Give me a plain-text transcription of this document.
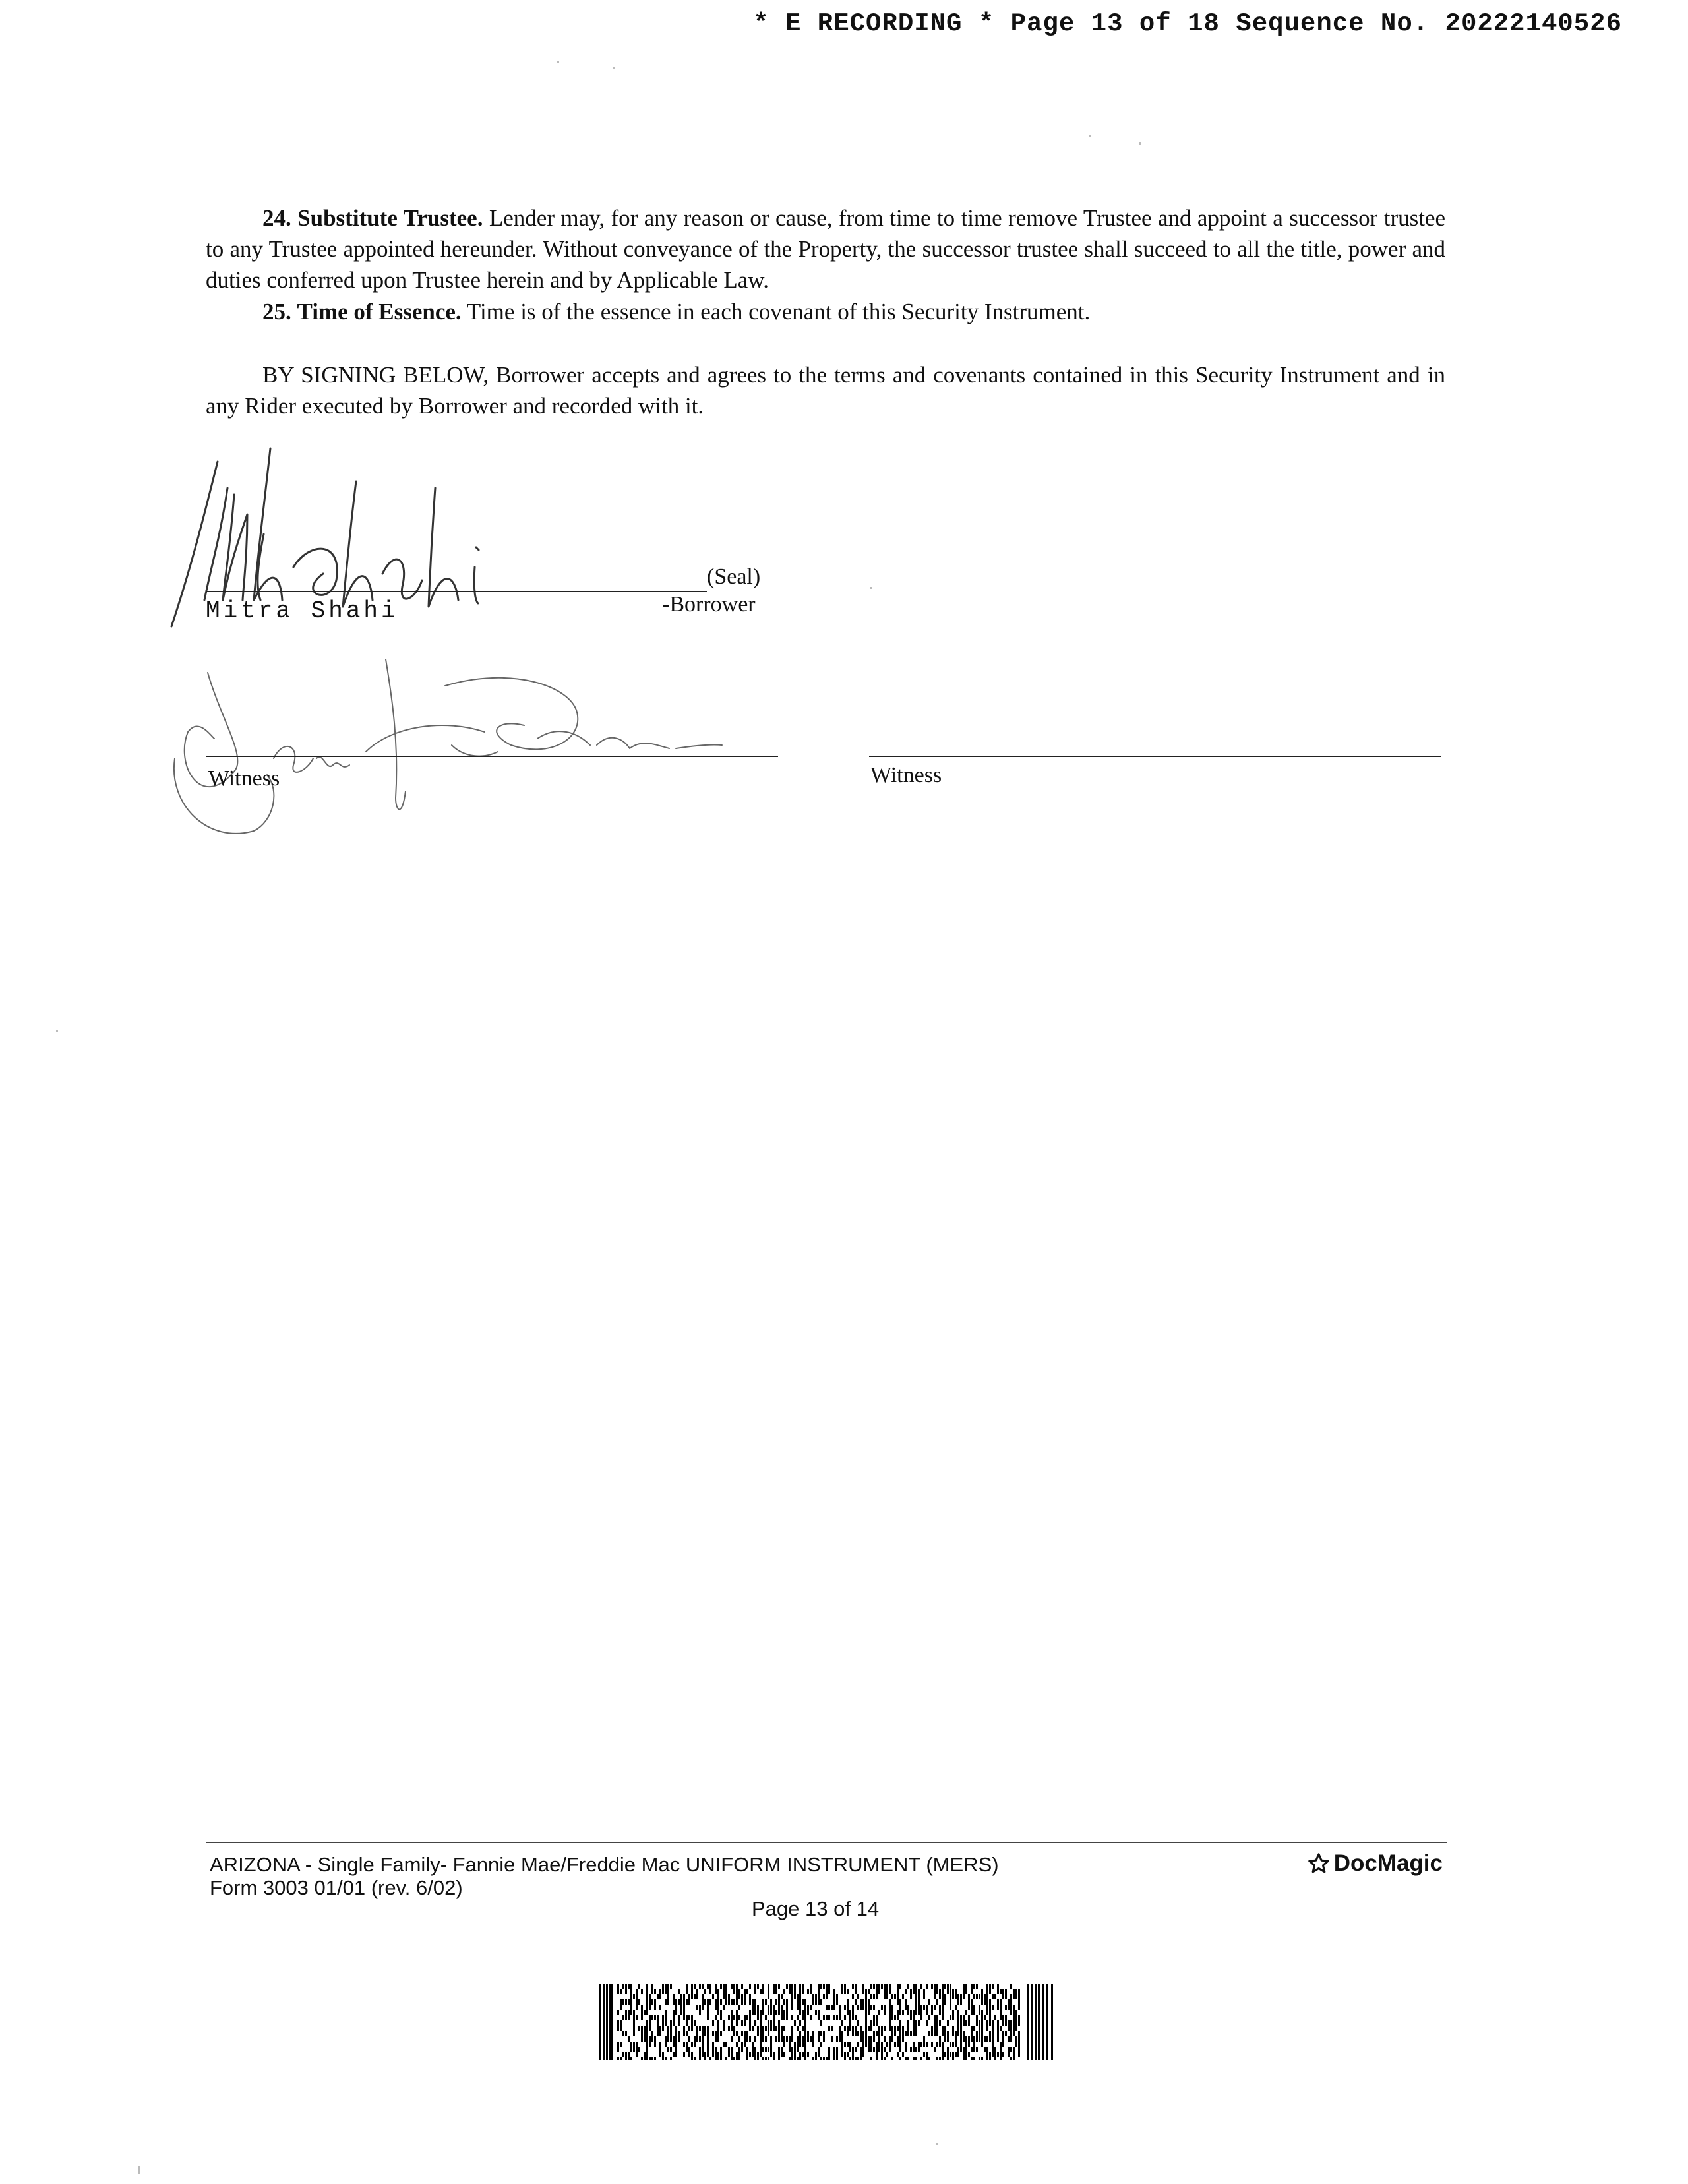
* E RECORDING * Page 13 of 18 Sequence No. 20222140526

24. Substitute Trustee. Lender may, for any reason or cause, from time to time remove Trustee and appoint a successor trustee to any Trustee appointed hereunder. Without conveyance of the Property, the successor trustee shall succeed to all the title, power and duties conferred upon Trustee herein and by Applicable Law.

25. Time of Essence. Time is of the essence in each covenant of this Security Instrument.

BY SIGNING BELOW, Borrower accepts and agrees to the terms and covenants contained in this Security Instrument and in any Rider executed by Borrower and recorded with it.

(Seal)
-Borrower
Mitra Shahi
Witness	Witness
ARIZONA - Single Family- Fannie Mae/Freddie Mac UNIFORM INSTRUMENT (MERS)
Form 3003 01/01 (rev. 6/02)
DocMagic
Page 13 of 14
